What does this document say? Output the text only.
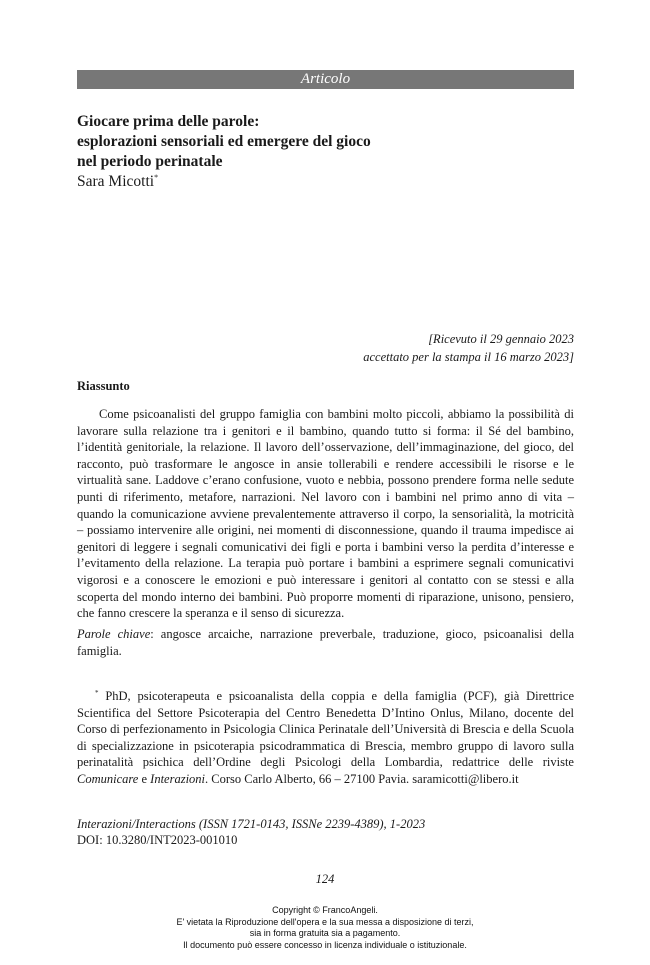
Articolo
Giocare prima delle parole:
esplorazioni sensoriali ed emergere del gioco
nel periodo perinatale
Sara Micotti*
[Ricevuto il 29 gennaio 2023
accettato per la stampa il 16 marzo 2023]
Riassunto

Come psicoanalisti del gruppo famiglia con bambini molto piccoli, abbiamo la possibilità di lavorare sulla relazione tra i genitori e il bambino, quando tutto si forma: il Sé del bambino, l’identità genitoriale, la relazione. Il lavoro dell’osservazione, dell’immaginazione, del gioco, del racconto, può trasformare le angosce in ansie tollerabili e rendere accessibili le risorse e le virtualità sane. Laddove c’erano confusione, vuoto e nebbia, possono prendere forma nelle sedute punti di riferimento, metafore, narrazioni. Nel lavoro con i bambini nel primo anno di vita – quando la comunicazione avviene prevalentemente attraverso il corpo, la sensorialità, la motricità – possiamo intervenire alle origini, nei momenti di disconnessione, quando il trauma impedisce ai genitori di leggere i segnali comunicativi dei figli e porta i bambini verso la perdita d’interesse e l’evitamento della relazione. La terapia può portare i bambini a esprimere segnali comunicativi vigorosi e a conoscere le emozioni e può interessare i genitori al contatto con se stessi e alla scoperta del mondo interno dei bambini. Può proporre momenti di riparazione, unisono, pensiero, che fanno crescere la speranza e il senso di sicurezza.

Parole chiave: angosce arcaiche, narrazione preverbale, traduzione, gioco, psicoanalisi della famiglia.

* PhD, psicoterapeuta e psicoanalista della coppia e della famiglia (PCF), già Direttrice Scientifica del Settore Psicoterapia del Centro Benedetta D’Intino Onlus, Milano, docente del Corso di perfezionamento in Psicologia Clinica Perinatale dell’Università di Brescia e della Scuola di specializzazione in psicoterapia psicodrammatica di Brescia, membro gruppo di lavoro sulla perinatalità psichica dell’Ordine degli Psicologi della Lombardia, redattrice delle riviste Comunicare e Interazioni. Corso Carlo Alberto, 66 – 27100 Pavia. saramicotti@libero.it

Interazioni/Interactions (ISSN 1721-0143, ISSNe 2239-4389), 1-2023
DOI: 10.3280/INT2023-001010
124
Copyright © FrancoAngeli.
E' vietata la Riproduzione dell'opera e la sua messa a disposizione di terzi,
sia in forma gratuita sia a pagamento.
Il documento può essere concesso in licenza individuale o istituzionale.
